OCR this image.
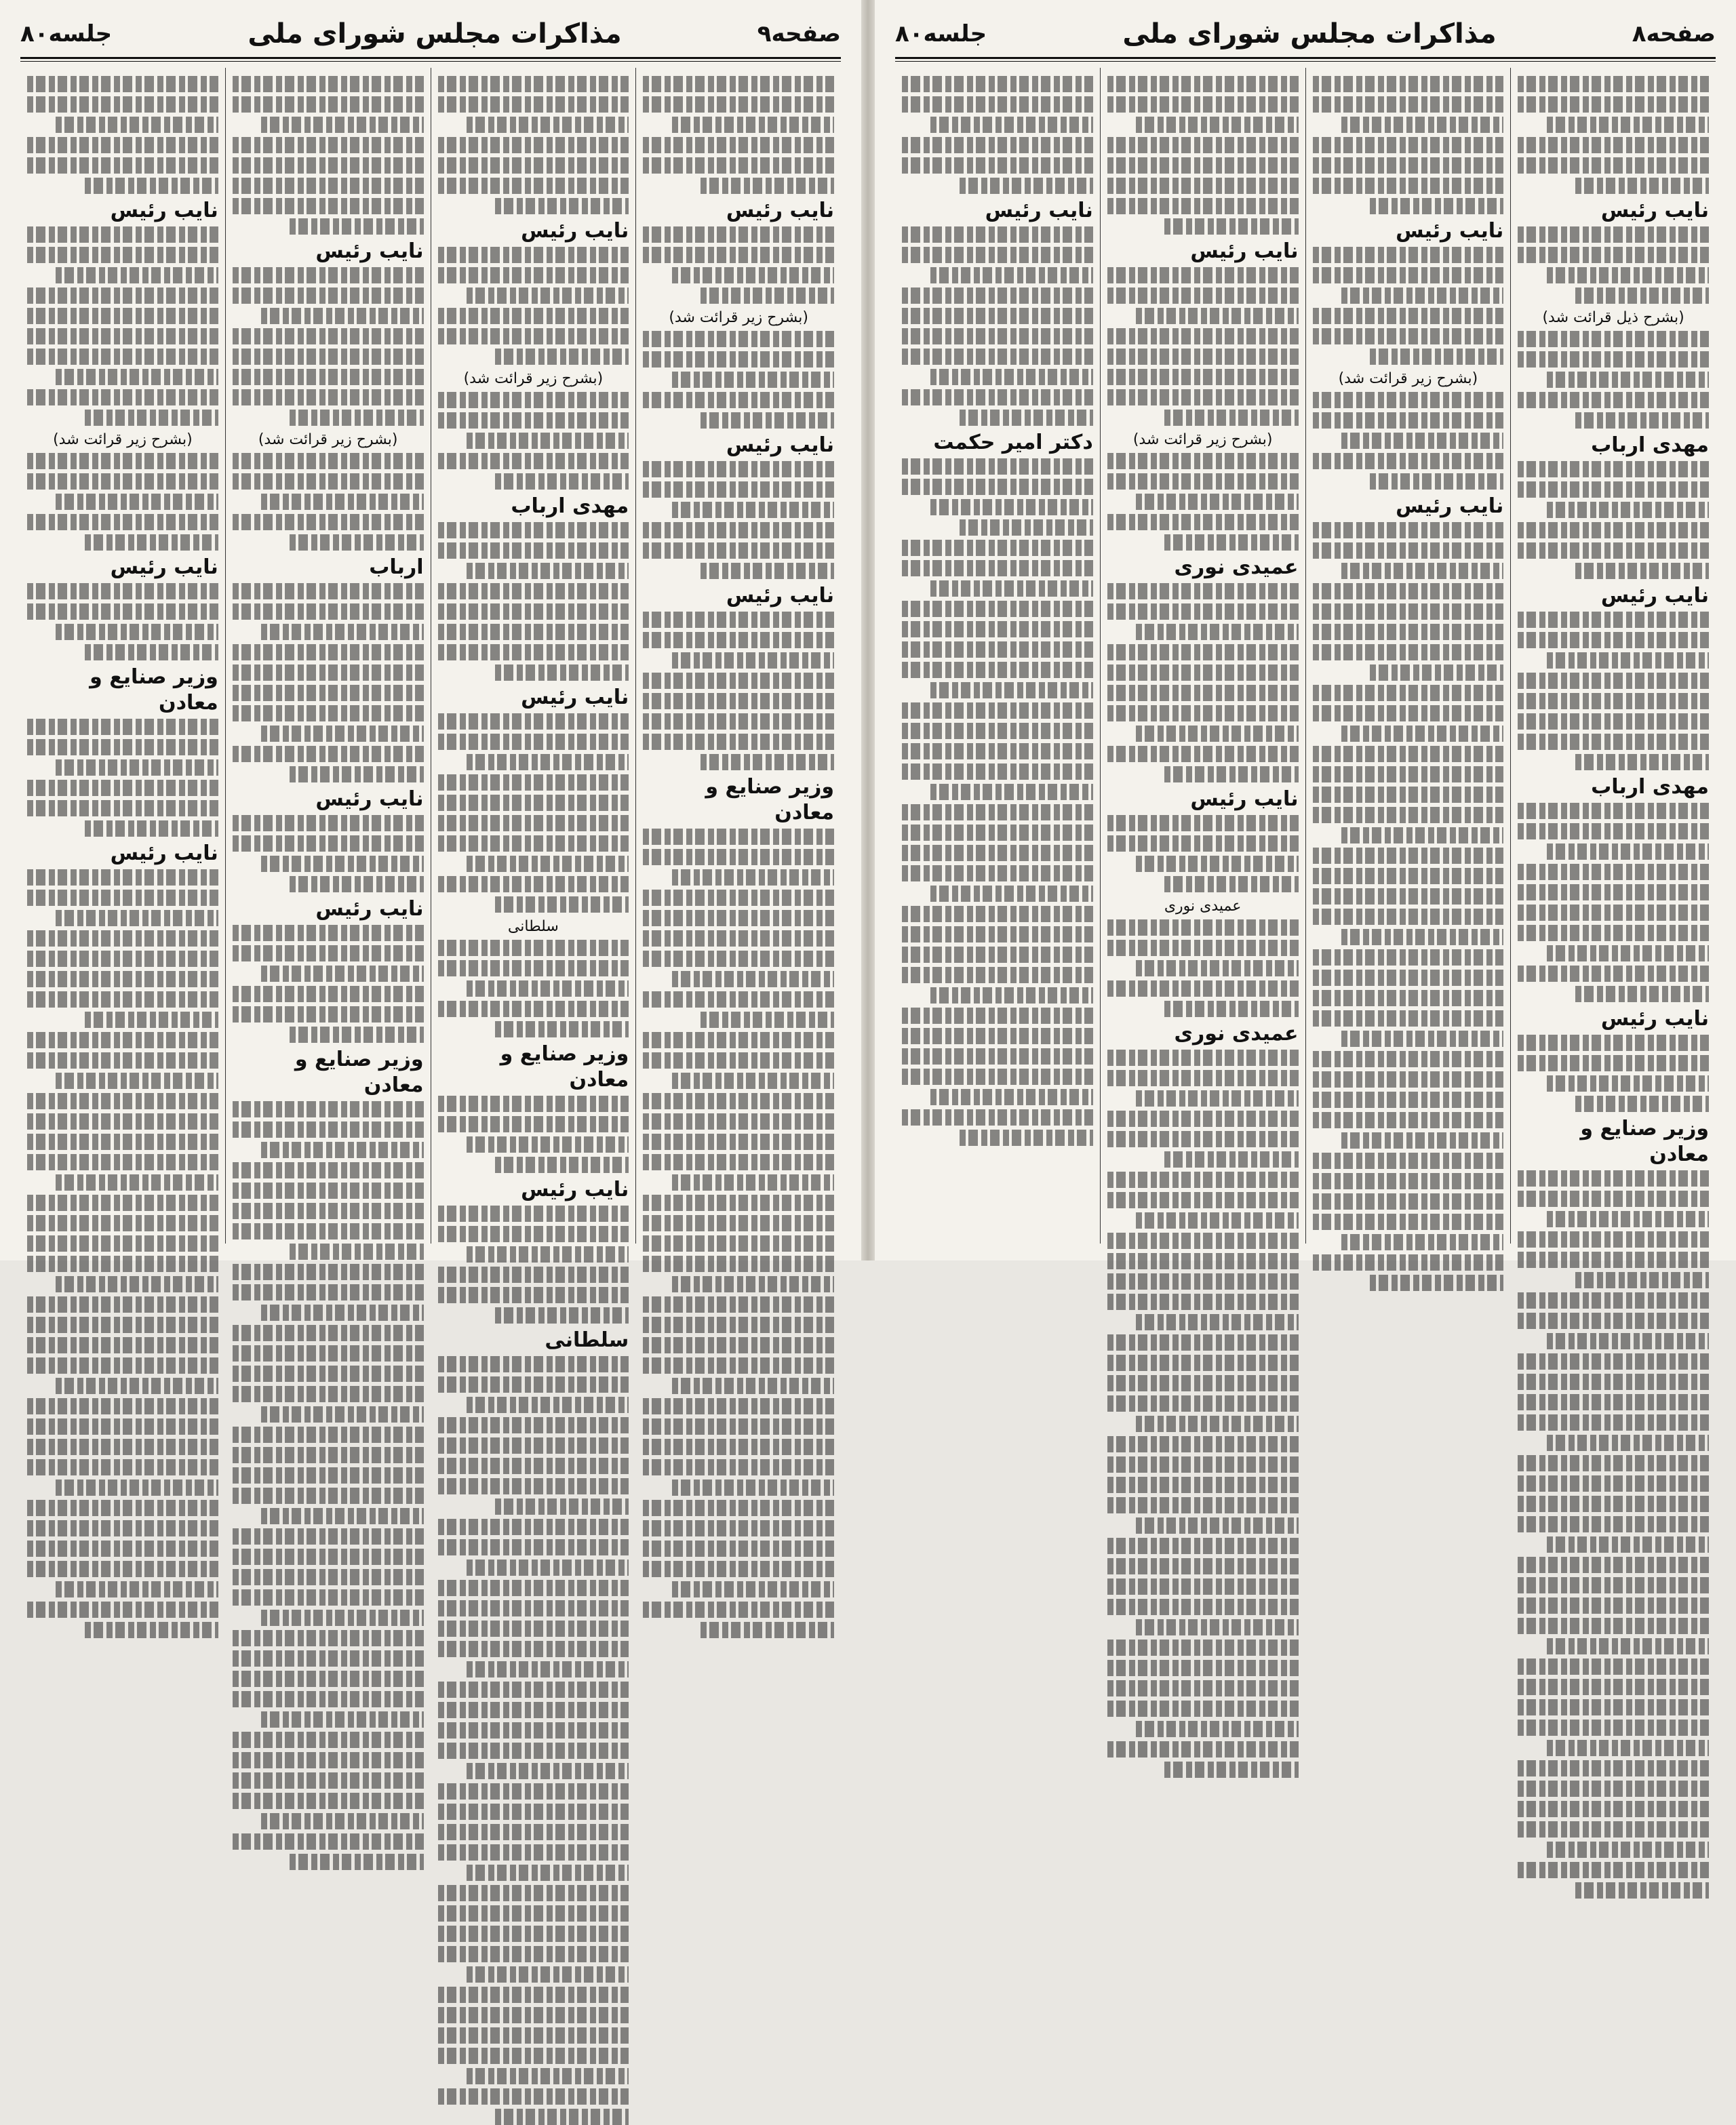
صفحه۹
مذاکرات مجلس شورای ملی
جلسه۸۰
نایب رئیس
(بشرح زیر قرائت شد)
نایب رئیس
نایب رئیس
وزیر صنایع و معادن
نایب رئیس
(بشرح زیر قرائت شد)
مهدی ارباب
نایب رئیس
سلطانی
وزیر صنایع و معادن
نایب رئیس
سلطانی
نایب رئیس
(بشرح زیر قرائت شد)
ارباب
نایب رئیس
نایب رئیس
وزیر صنایع و معادن
نایب رئیس
(بشرح زیر قرائت شد)
نایب رئیس
وزیر صنایع و معادن
نایب رئیس
صفحه۸
مذاکرات مجلس شورای ملی
جلسه۸۰
نایب رئیس
(بشرح ذیل قرائت شد)
مهدی ارباب
نایب رئیس
مهدی ارباب
نایب رئیس
وزیر صنایع و معادن
نایب رئیس
(بشرح زیر قرائت شد)
نایب رئیس
نایب رئیس
(بشرح زیر قرائت شد)
عمیدی نوری
نایب رئیس
عمیدی نوری
عمیدی نوری
نایب رئیس
دکتر امیر حکمت
